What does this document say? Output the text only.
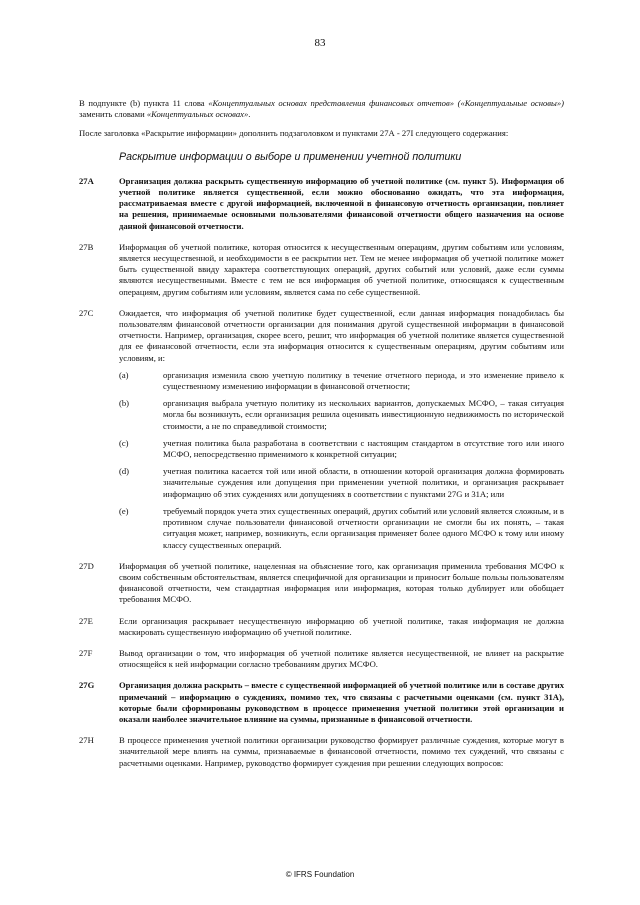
83

В подпункте (b) пункта 11 слова «Концептуальных основах представления финансовых отчетов» («Концептуальные основы») заменить словами «Концептуальных основах».

После заголовка «Раскрытие информации» дополнить подзаголовком и пунктами 27А - 27I следующего содержания:

Раскрытие информации о выборе и применении учетной политики
27A	Организация должна раскрыть существенную информацию об учетной политике (см. пункт 5). Информация об учетной политике является существенной, если можно обоснованно ожидать, что эта информация, рассматриваемая вместе с другой информацией, включенной в финансовую отчетность организации, повлияет на решения, принимаемые основными пользователями финансовой отчетности общего назначения на основе данной финансовой отчетности.
27B	Информация об учетной политике, которая относится к несущественным операциям, другим событиям или условиям, является несущественной, и необходимости в ее раскрытии нет. Тем не менее информация об учетной политике может быть существенной ввиду характера соответствующих операций, других событий или условий, даже если суммы являются несущественными. Вместе с тем не вся информация об учетной политике, относящаяся к существенным операциям, другим событиям или условиям, является сама по себе существенной.
27C	Ожидается, что информация об учетной политике будет существенной, если данная информация понадобилась бы пользователям финансовой отчетности организации для понимания другой существенной информации в финансовой отчетности. Например, организация, скорее всего, решит, что информация об учетной политике является существенной для ее финансовой отчетности, если эта информация относится к существенным операциям, другим событиям или условиям, и:
(a)	организация изменила свою учетную политику в течение отчетного периода, и это изменение привело к существенному изменению информации в финансовой отчетности;
(b)	организация выбрала учетную политику из нескольких вариантов, допускаемых МСФО, – такая ситуация могла бы возникнуть, если организация решила оценивать инвестиционную недвижимость по исторической стоимости, а не по справедливой стоимости;
(c)	учетная политика была разработана в соответствии с настоящим стандартом в отсутствие того или иного МСФО, непосредственно применимого к конкретной ситуации;
(d)	учетная политика касается той или иной области, в отношении которой организация должна формировать значительные суждения или допущения при применении учетной политики, и организация раскрывает информацию об этих суждениях или допущениях в соответствии с пунктами 27G и 31A; или
(e)	требуемый порядок учета этих существенных операций, других событий или условий является сложным, и в противном случае пользователи финансовой отчетности организации не смогли бы их понять, – такая ситуация может, например, возникнуть, если организация применяет более одного МСФО к тому или иному классу существенных операций.
27D	Информация об учетной политике, нацеленная на объяснение того, как организация применила требования МСФО к своим собственным обстоятельствам, является специфичной для организации и приносит больше пользы пользователям финансовой отчетности, чем стандартная информация или информация, которая только дублирует или обобщает требования МСФО.
27E	Если организация раскрывает несущественную информацию об учетной политике, такая информация не должна маскировать существенную информацию об учетной политике.
27F	Вывод организации о том, что информация об учетной политике является несущественной, не влияет на раскрытие относящейся к ней информации согласно требованиям других МСФО.
27G	Организация должна раскрыть – вместе с существенной информацией об учетной политике или в составе других примечаний – информацию о суждениях, помимо тех, что связаны с расчетными оценками (см. пункт 31A), которые были сформированы руководством в процессе применения учетной политики этой организации и оказали наиболее значительное влияние на суммы, признанные в финансовой отчетности.
27H	В процессе применения учетной политики организации руководство формирует различные суждения, которые могут в значительной мере влиять на суммы, признаваемые в финансовой отчетности, помимо тех суждений, что связаны с расчетными оценками. Например, руководство формирует суждения при решении следующих вопросов:
© IFRS Foundation
